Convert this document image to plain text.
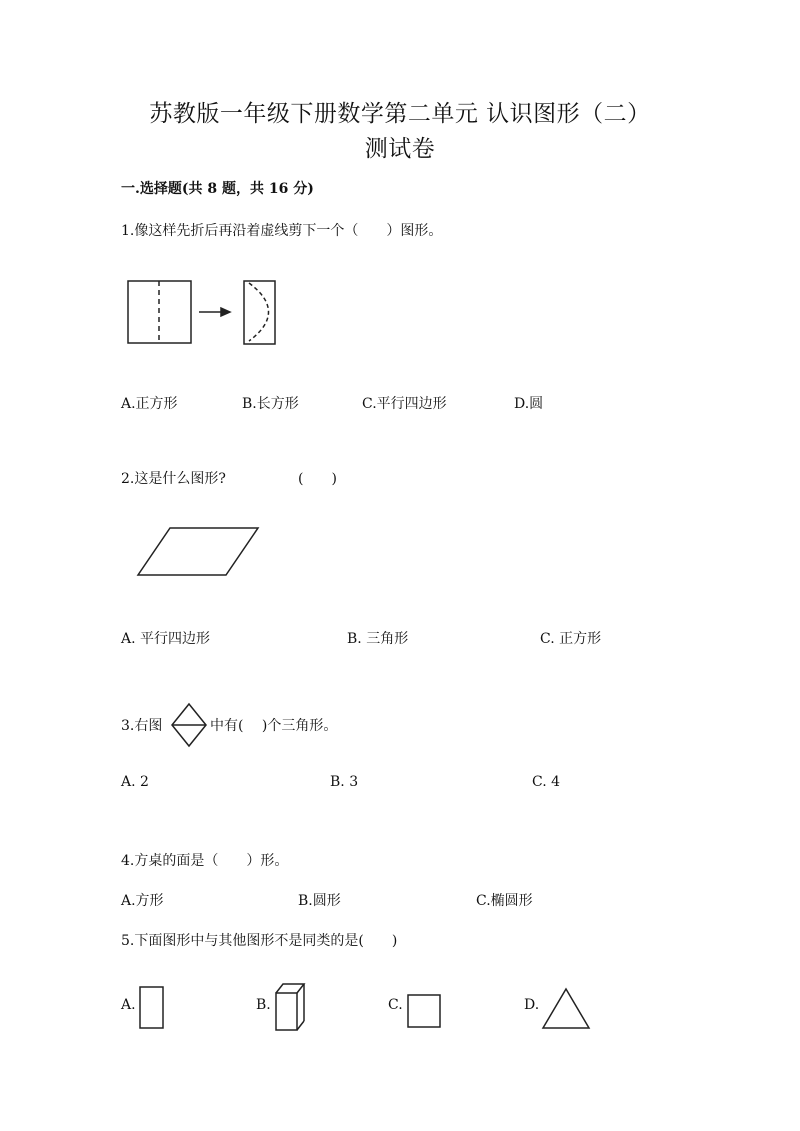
苏教版一年级下册数学第二单元 认识图形（二）
测试卷
一.选择题(共 8 题，共 16 分)
1.像这样先折后再沿着虚线剪下一个（　　）图形。
A.正方形	B.长方形	C.平行四边形	D.圆
2.这是什么图形?	(　　)
A. 平行四边形	B. 三角形	C. 正方形
3.右图	中有(　 )个三角形。
A. 2	B. 3	C. 4
4.方桌的面是（　　）形。
A.方形	B.圆形	C.椭圆形
5.下面图形中与其他图形不是同类的是(　　)
A.	B.	C.	D.
